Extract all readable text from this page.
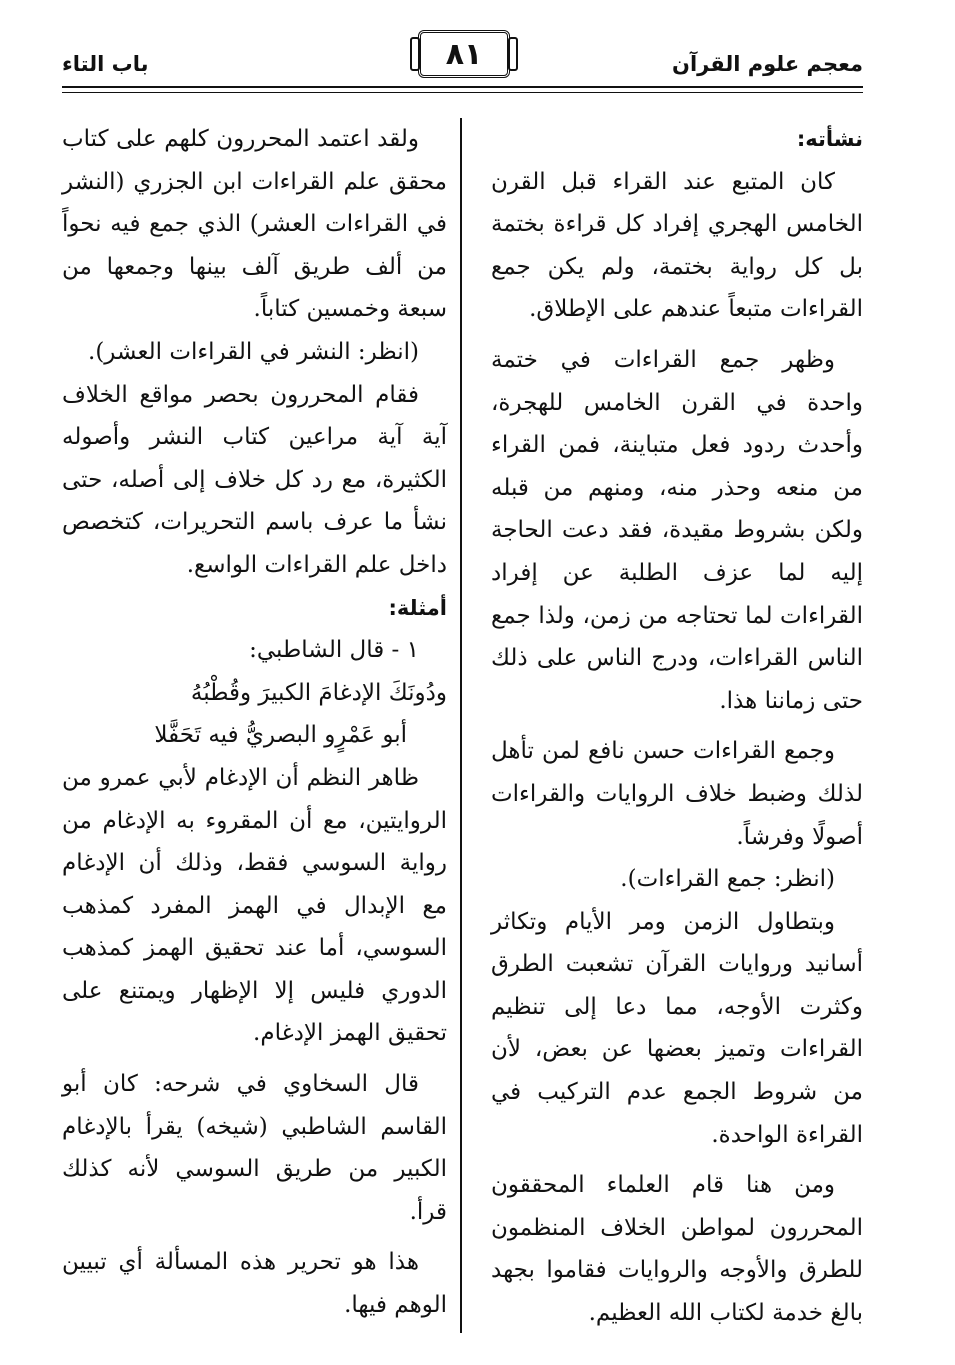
معجم علوم القرآن
٨١
باب التاء

نشأته:

كان المتبع عند القراء قبل القرن الخامس الهجري إفراد كل قراءة بختمة بل كل رواية بختمة، ولم يكن جمع القراءات متبعاً عندهم على الإطلاق.

وظهر جمع القراءات في ختمة واحدة في القرن الخامس للهجرة، وأحدث ردود فعل متباينة، فمن القراء من منعه وحذر منه، ومنهم من قبله ولكن بشروط مقيدة، فقد دعت الحاجة إليه لما عزف الطلبة عن إفراد القراءات لما تحتاجه من زمن، ولذا جمع الناس القراءات، ودرج الناس على ذلك حتى زماننا هذا.

وجمع القراءات حسن نافع لمن تأهل لذلك وضبط خلاف الروايات والقراءات أصولًا وفرشاً.

(انظر: جمع القراءات).

وبتطاول الزمن ومر الأيام وتكاثر أسانيد وروايات القرآن تشعبت الطرق وكثرت الأوجه، مما دعا إلى تنظيم القراءات وتميز بعضها عن بعض، لأن من شروط الجمع عدم التركيب في القراءة الواحدة.

ومن هنا قام العلماء المحققون المحررون لمواطن الخلاف المنظمون للطرق والأوجه والروايات فقاموا بجهد بالغ خدمة لكتاب الله العظيم.

ولقد اعتمد المحررون كلهم على كتاب محقق علم القراءات ابن الجزري (النشر في القراءات العشر) الذي جمع فيه نحواً من ألف طريق آلف بينها وجمعها من سبعة وخمسين كتاباً.

(انظر: النشر في القراءات العشر).

فقام المحررون بحصر مواقع الخلاف آية آية مراعين كتاب النشر وأصوله الكثيرة، مع رد كل خلاف إلى أصله، حتى نشأ ما عرف باسم التحريرات، كتخصص داخل علم القراءات الواسع.

أمثلة:

١ - قال الشاطبي:

ودُونَكَ الإدغامَ الكبيرَ وقُطْبُهُ

أبو عَمْرٍو البصريُّ فيه تَحَفَّلا

ظاهر النظم أن الإدغام لأبي عمرو من الروايتين، مع أن المقروء به الإدغام من رواية السوسي فقط، وذلك أن الإدغام مع الإبدال في الهمز المفرد كمذهب السوسي، أما عند تحقيق الهمز كمذهب الدوري فليس إلا الإظهار ويمتنع على تحقيق الهمز الإدغام.

قال السخاوي في شرحه: كان أبو القاسم الشاطبي (شيخه) يقرأ بالإدغام الكبير من طريق السوسي لأنه كذلك قرأ.

هذا هو تحرير هذه المسألة أي تبيين الوهم فيها.
